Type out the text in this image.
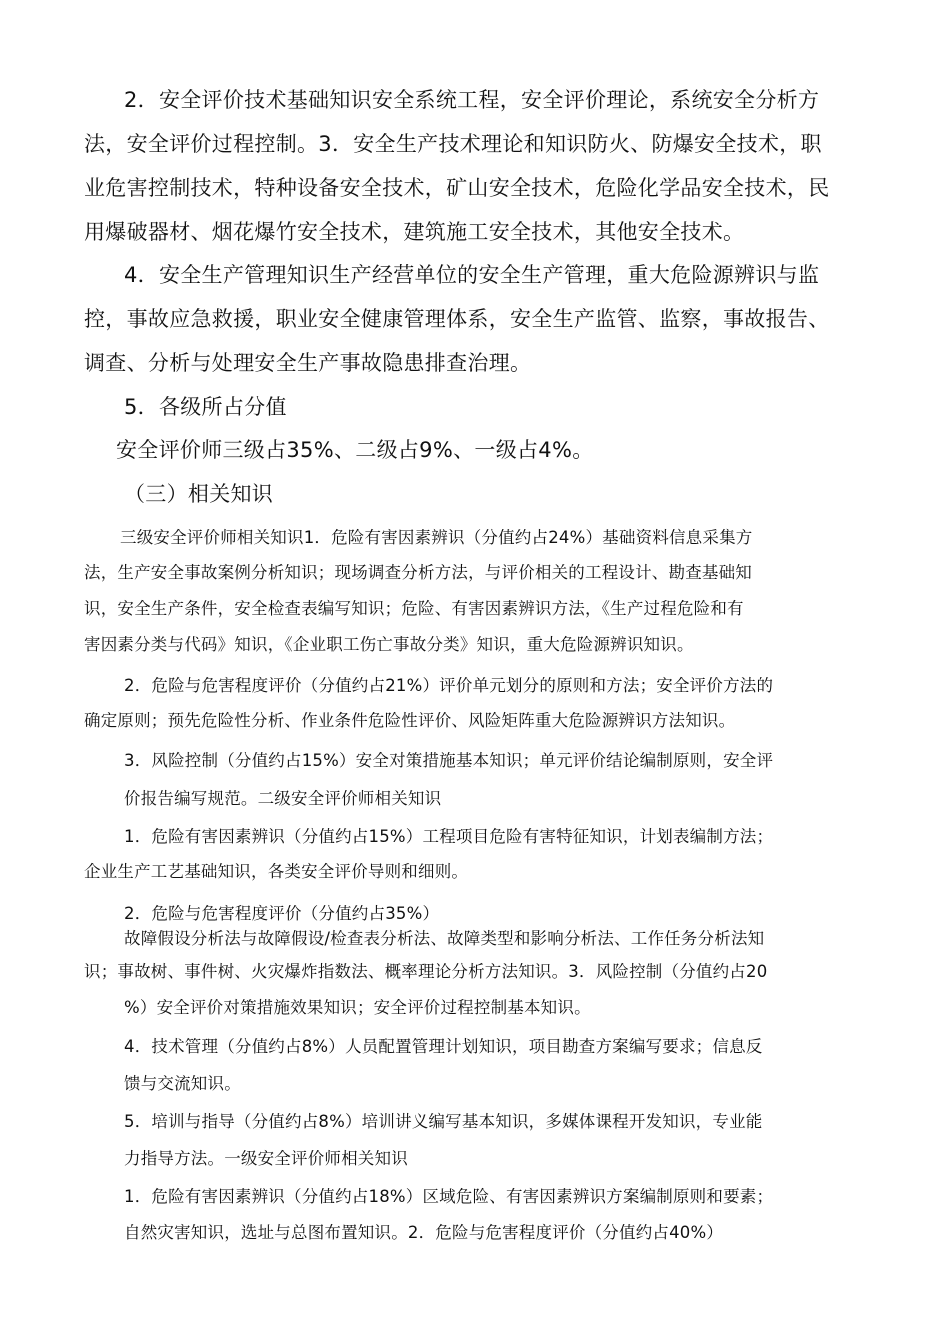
2．安全评价技术基础知识安全系统工程，安全评价理论，系统安全分析方
法，安全评价过程控制。3．安全生产技术理论和知识防火、防爆安全技术，职
业危害控制技术，特种设备安全技术，矿山安全技术，危险化学品安全技术，民
用爆破器材、烟花爆竹安全技术，建筑施工安全技术，其他安全技术。
4．安全生产管理知识生产经营单位的安全生产管理，重大危险源辨识与监
控，事故应急救援，职业安全健康管理体系，安全生产监管、监察，事故报告、
调查、分析与处理安全生产事故隐患排查治理。
5．各级所占分值
安全评价师三级占35%、二级占9%、一级占4%。
（三）相关知识
三级安全评价师相关知识1．危险有害因素辨识（分值约占24%）基础资料信息采集方
法，生产安全事故案例分析知识；现场调查分析方法，与评价相关的工程设计、勘查基础知
识，安全生产条件，安全检查表编写知识；危险、有害因素辨识方法，《生产过程危险和有
害因素分类与代码》知识，《企业职工伤亡事故分类》知识，重大危险源辨识知识。
2．危险与危害程度评价（分值约占21%）评价单元划分的原则和方法；安全评价方法的
确定原则；预先危险性分析、作业条件危险性评价、风险矩阵重大危险源辨识方法知识。
3．风险控制（分值约占15%）安全对策措施基本知识；单元评价结论编制原则，安全评
价报告编写规范。二级安全评价师相关知识
1．危险有害因素辨识（分值约占15%）工程项目危险有害特征知识，计划表编制方法；
企业生产工艺基础知识，各类安全评价导则和细则。
2．危险与危害程度评价（分值约占35%）
故障假设分析法与故障假设/检查表分析法、故障类型和影响分析法、工作任务分析法知
识；事故树、事件树、火灾爆炸指数法、概率理论分析方法知识。3．风险控制（分值约占20
%）安全评价对策措施效果知识；安全评价过程控制基本知识。
4．技术管理（分值约占8%）人员配置管理计划知识，项目勘查方案编写要求；信息反
馈与交流知识。
5．培训与指导（分值约占8%）培训讲义编写基本知识，多媒体课程开发知识，专业能
力指导方法。一级安全评价师相关知识
1．危险有害因素辨识（分值约占18%）区域危险、有害因素辨识方案编制原则和要素；
自然灾害知识，选址与总图布置知识。2．危险与危害程度评价（分值约占40%）
